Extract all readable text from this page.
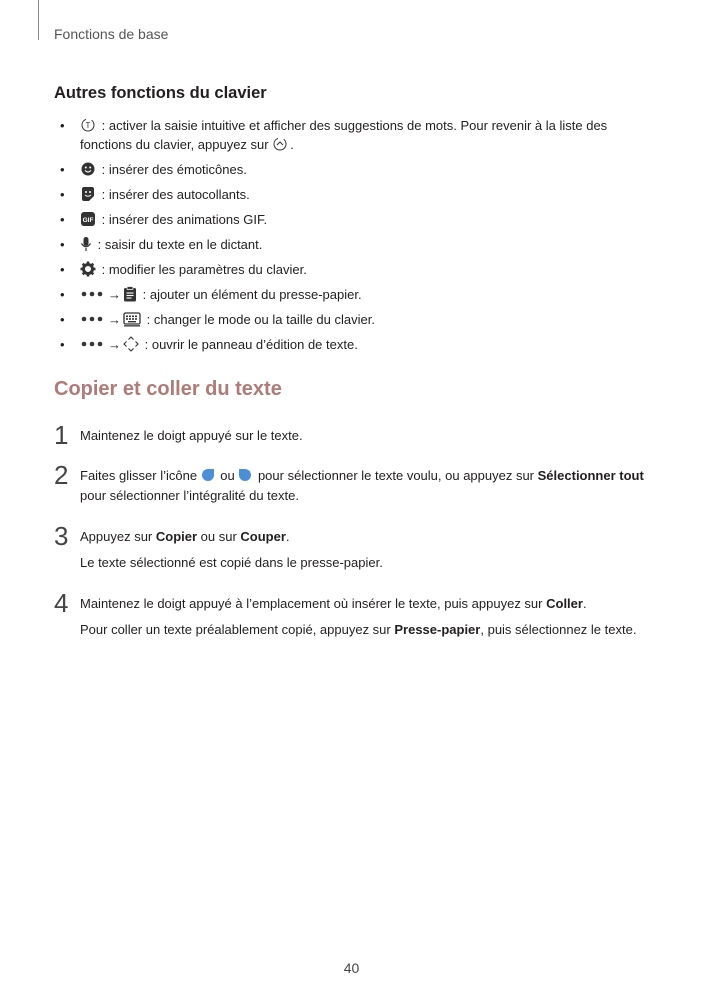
Fonctions de base
Autres fonctions du clavier
•	T : activer la saisie intuitive et afficher des suggestions de mots. Pour revenir à la liste des fonctions du clavier, appuyez sur
.
•	: insérer des émoticônes.
•	: insérer des autocollants.
•	GIF : insérer des animations GIF.
• : saisir du texte en le dictant.
•	: modifier les paramètres du clavier.
•	→
: ajouter un élément du presse-papier.
•	→
: changer le mode ou la taille du clavier.
•	→
: ouvrir le panneau d’édition de texte.
Copier et coller du texte
1 Maintenez le doigt appuyé sur le texte.

2 Faites glisser l’icône
ou
pour sélectionner le texte voulu, ou appuyez sur Sélectionner tout pour sélectionner l’intégralité du texte.

3 Appuyez sur Copier ou sur Couper.

Le texte sélectionné est copié dans le presse-papier.

4 Maintenez le doigt appuyé à l’emplacement où insérer le texte, puis appuyez sur Coller.

Pour coller un texte préalablement copié, appuyez sur Presse-papier, puis sélectionnez le texte.

40
